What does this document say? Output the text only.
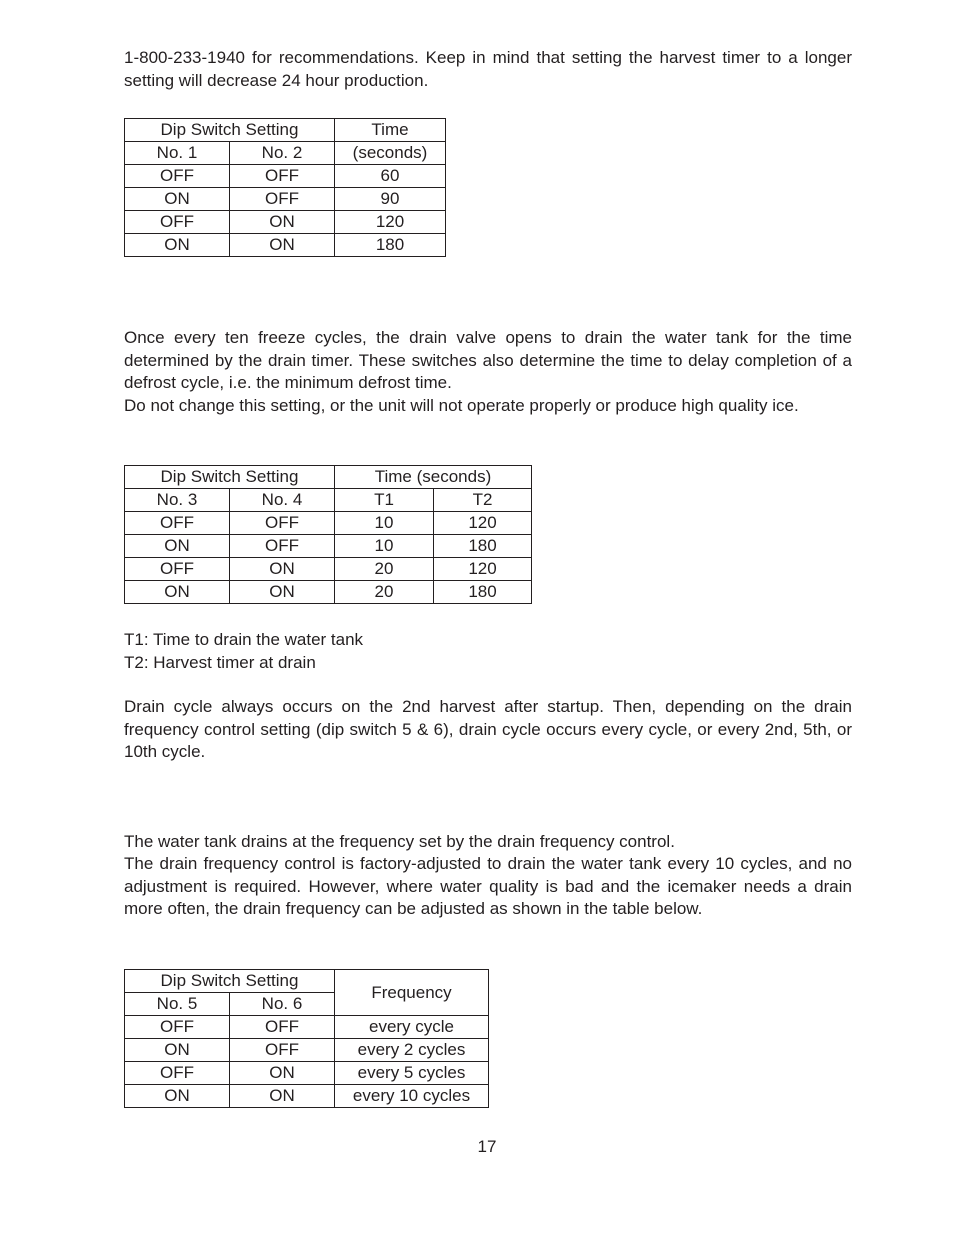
1-800-233-1940 for recommendations. Keep in mind that setting the harvest timer to a longer setting will decrease 24 hour production.

Dip Switch Setting		Time
No. 1	No. 2	(seconds)
OFF	OFF	60
ON	OFF	90
OFF	ON	120
ON	ON	180

Once every ten freeze cycles, the drain valve opens to drain the water tank for the time determined by the drain timer. These switches also determine the time to delay completion of a defrost cycle, i.e. the minimum defrost time.

Do not change this setting, or the unit will not operate properly or produce high quality ice.

Dip Switch Setting		Time (seconds)	
No. 3	No. 4	T1	T2
OFF	OFF	10	120
ON	OFF	10	180
OFF	ON	20	120
ON	ON	20	180

T1: Time to drain the water tank

T2: Harvest timer at drain

Drain cycle always occurs on the 2nd harvest after startup. Then, depending on the drain frequency control setting (dip switch 5 & 6), drain cycle occurs every cycle, or every 2nd, 5th, or 10th cycle.

The water tank drains at the frequency set by the drain frequency control.

The drain frequency control is factory-adjusted to drain the water tank every 10 cycles, and no adjustment is required. However, where water quality is bad and the icemaker needs a drain more often, the drain frequency can be adjusted as shown in the table below.

Dip Switch Setting		Frequency
No. 5	No. 6	
OFF	OFF	every cycle
ON	OFF	every 2 cycles
OFF	ON	every 5 cycles
ON	ON	every 10 cycles
17
